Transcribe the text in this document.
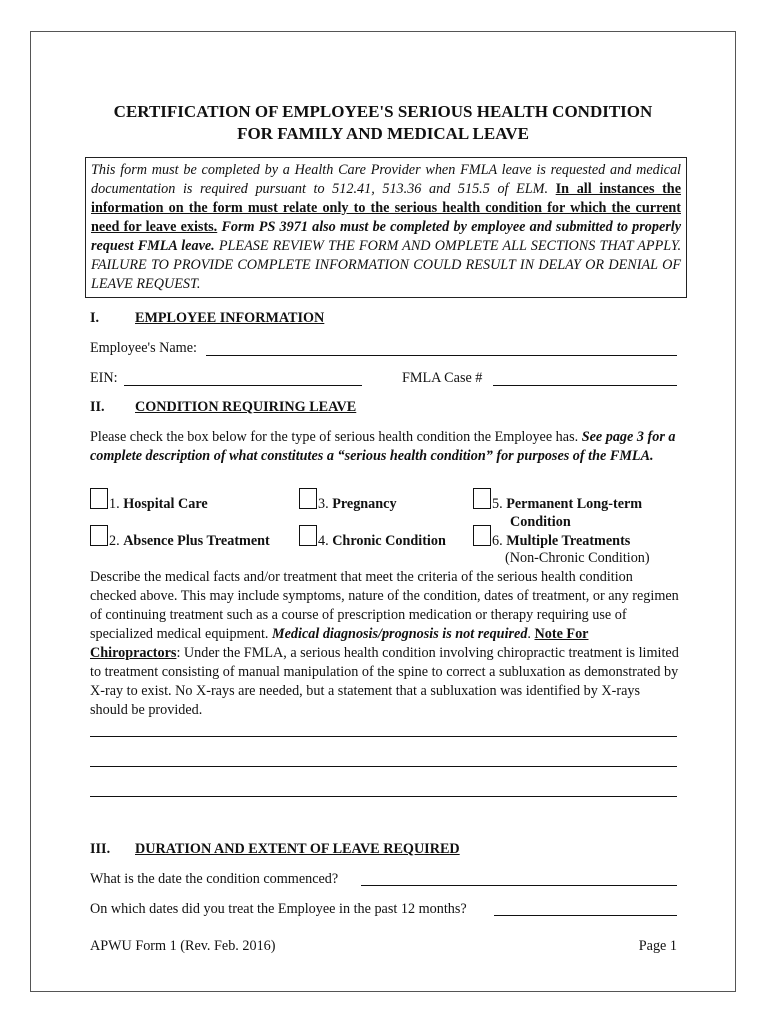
CERTIFICATION OF EMPLOYEE'S SERIOUS HEALTH CONDITION
FOR FAMILY AND MEDICAL LEAVE
This form must be completed by a Health Care Provider when FMLA leave is requested and medical documentation is required pursuant to 512.41, 513.36 and 515.5 of ELM. In all instances the information on the form must relate only to the serious health condition for which the current need for leave exists. Form PS 3971 also must be completed by employee and submitted to properly request FMLA leave. PLEASE REVIEW THE FORM AND OMPLETE ALL SECTIONS THAT APPLY. FAILURE TO PROVIDE COMPLETE INFORMATION COULD RESULT IN DELAY OR DENIAL OF LEAVE REQUEST.
I.	EMPLOYEE INFORMATION
Employee's Name:
EIN:	FMLA Case #
II. CONDITION REQUIRING LEAVE
Please check the box below for the type of serious health condition the Employee has. See page 3 for a complete description of what constitutes a “serious health condition” for purposes of the FMLA.
1. Hospital Care	3. Pregnancy	5. Permanent Long-term
Condition
2. Absence Plus Treatment	4. Chronic Condition	6. Multiple Treatments
(Non-Chronic Condition)
Describe the medical facts and/or treatment that meet the criteria of the serious health condition checked above. This may include symptoms, nature of the condition, dates of treatment, or any regimen of continuing treatment such as a course of prescription medication or therapy requiring use of specialized medical equipment. Medical diagnosis/prognosis is not required. Note For Chiropractors: Under the FMLA, a serious health condition involving chiropractic treatment is limited to treatment consisting of manual manipulation of the spine to correct a subluxation as demonstrated by X-ray to exist. No X-rays are needed, but a statement that a subluxation was identified by X-rays should be provided.
III. DURATION AND EXTENT OF LEAVE REQUIRED
What is the date the condition commenced?
On which dates did you treat the Employee in the past 12 months?
APWU Form 1 (Rev. Feb. 2016)	Page 1
